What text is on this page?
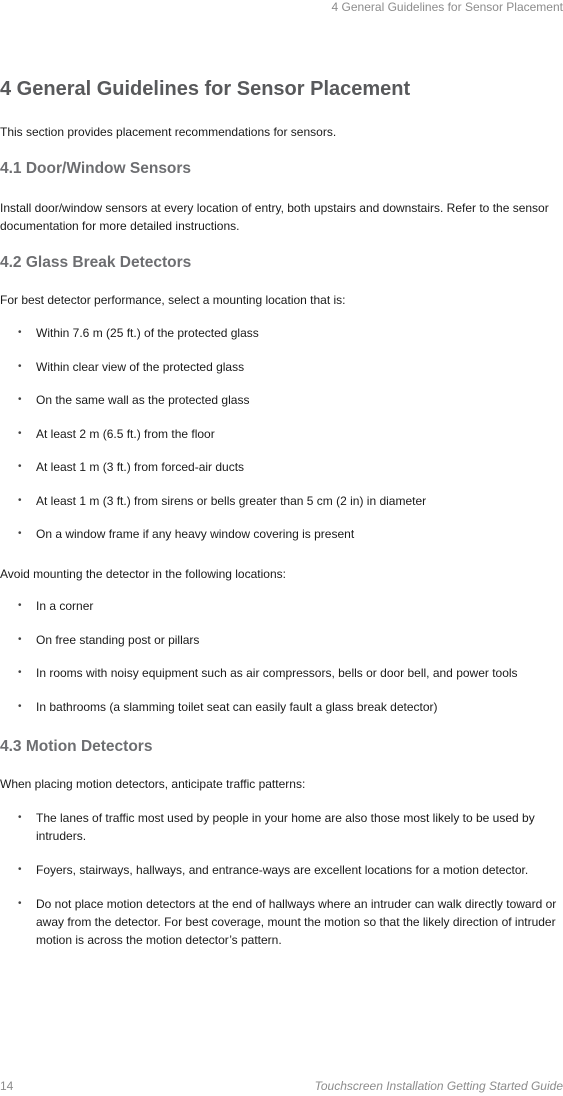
4 General Guidelines for Sensor Placement
4 General Guidelines for Sensor Placement

This section provides placement recommendations for sensors.

4.1 Door/Window Sensors

Install door/window sensors at every location of entry, both upstairs and downstairs. Refer to the sensor documentation for more detailed instructions.

4.2 Glass Break Detectors

For best detector performance, select a mounting location that is:

• Within 7.6 m (25 ft.) of the protected glass
• Within clear view of the protected glass
• On the same wall as the protected glass
• At least 2 m (6.5 ft.) from the floor
• At least 1 m (3 ft.) from forced-air ducts
• At least 1 m (3 ft.) from sirens or bells greater than 5 cm (2 in) in diameter
• On a window frame if any heavy window covering is present

Avoid mounting the detector in the following locations:

• In a corner
• On free standing post or pillars
• In rooms with noisy equipment such as air compressors, bells or door bell, and power tools
• In bathrooms (a slamming toilet seat can easily fault a glass break detector)
4.3 Motion Detectors

When placing motion detectors, anticipate traffic patterns:

• The lanes of traffic most used by people in your home are also those most likely to be used by intruders.
• Foyers, stairways, hallways, and entrance-ways are excellent locations for a motion detector.
• Do not place motion detectors at the end of hallways where an intruder can walk directly toward or away from the detector. For best coverage, mount the motion so that the likely direction of intruder motion is across the motion detector’s pattern.
14	Touchscreen Installation Getting Started Guide
